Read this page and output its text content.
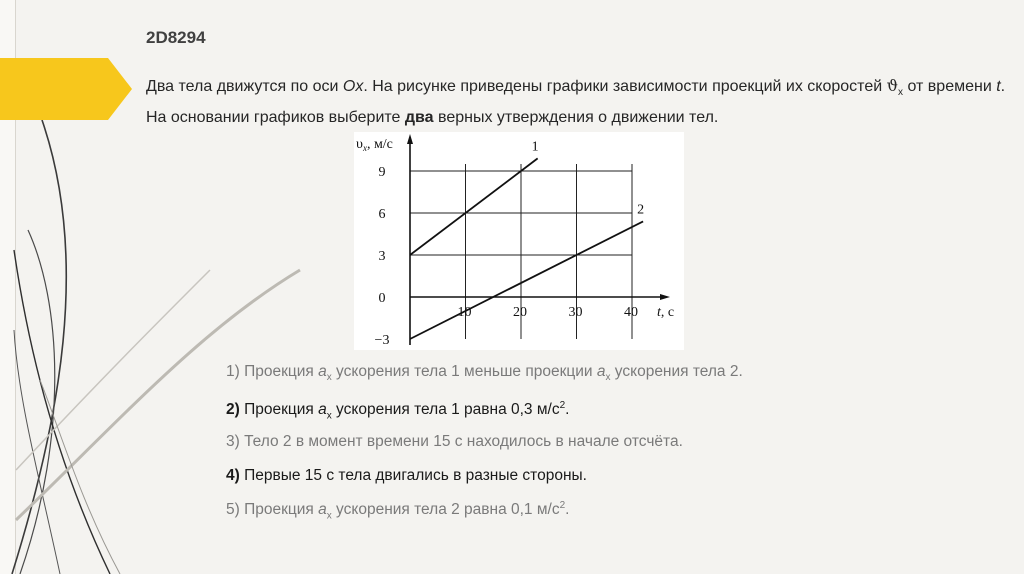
2D8294
Два тела движутся по оси Ox. На рисунке приведены графики зависимости проекций их скоростей $ϑ_x$ от времени t. На основании графиков выберите два верных утверждения о движении тел.
1
2
9
6
3
0
−3
10	20	30	40
$\upsilon_x$, м/с
t, с
1) Проекция $a_x$ ускорения тела 1 меньше проекции $a_x$ ускорения тела 2.
2) Проекция $a_x$ ускорения тела 1 равна 0,3 $м/с^2$.
3) Тело 2 в момент времени 15 с находилось в начале отсчёта.
4) Первые 15 с тела двигались в разные стороны.
5) Проекция $a_x$ ускорения тела 2 равна 0,1 $м/с^2$.
